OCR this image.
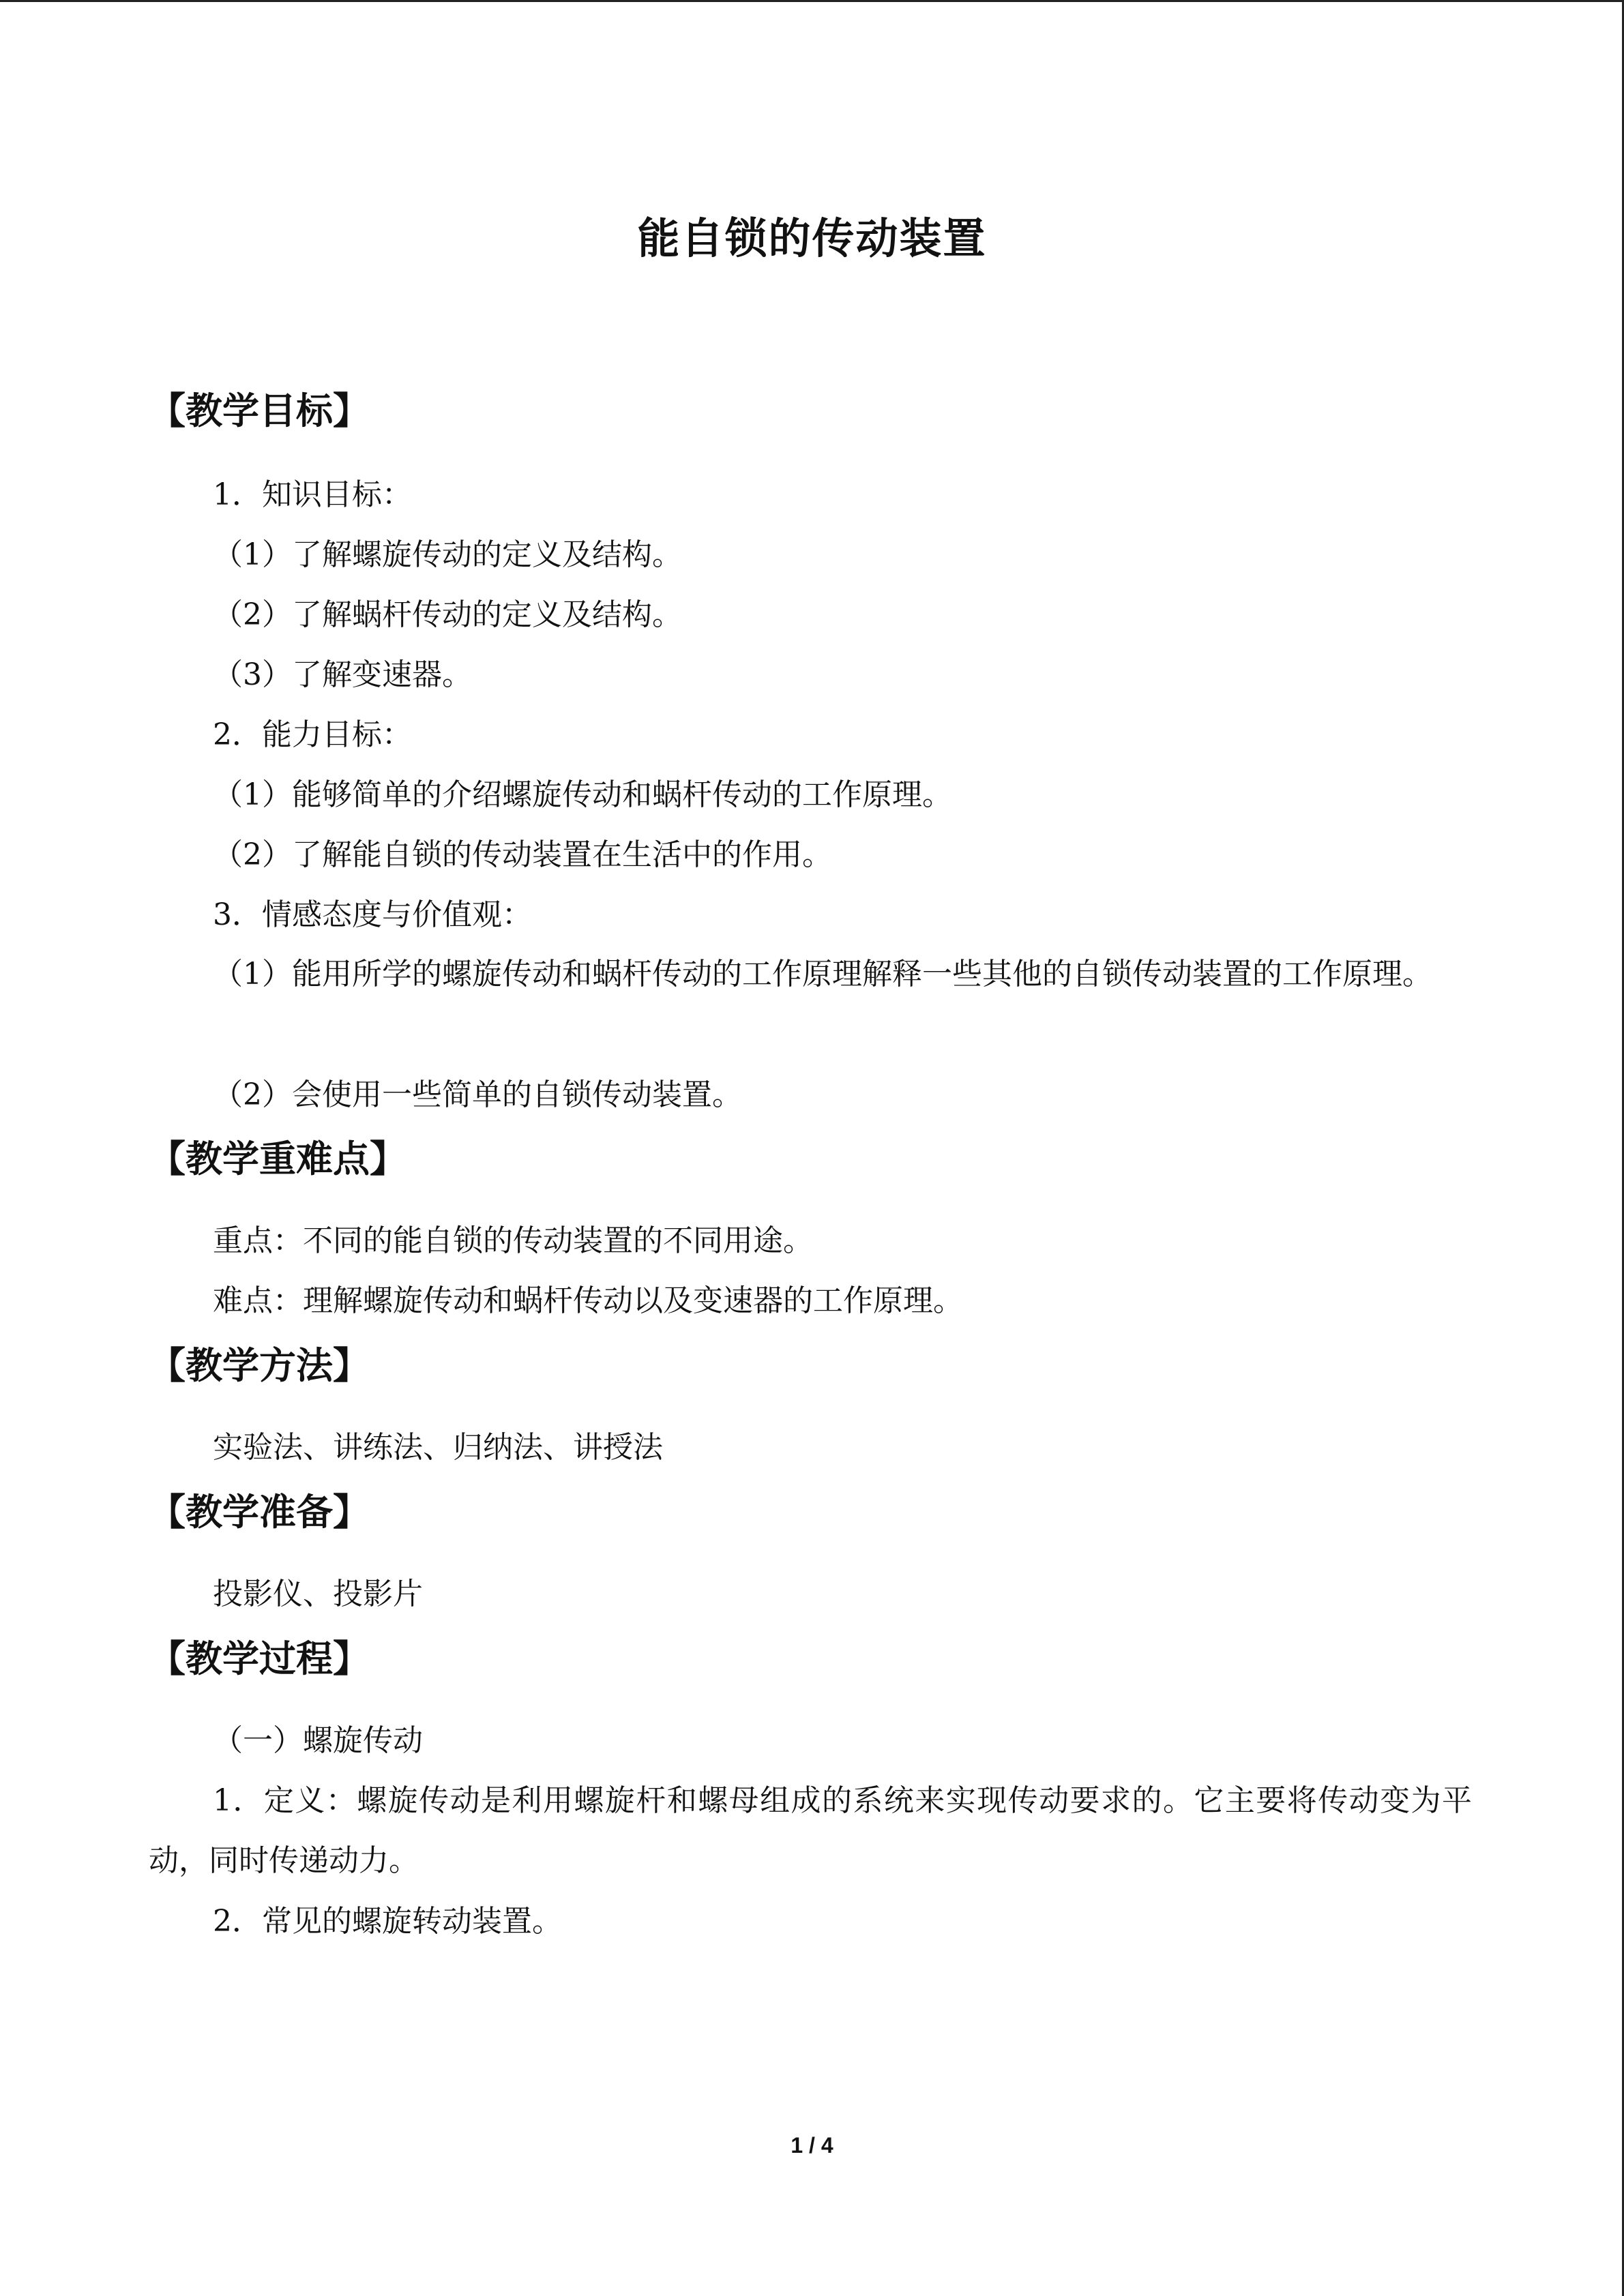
能自锁的传动装置
【教学目标】
1．知识目标：
（1）了解螺旋传动的定义及结构。
（2）了解蜗杆传动的定义及结构。
（3）了解变速器。
2．能力目标：
（1）能够简单的介绍螺旋传动和蜗杆传动的工作原理。
（2）了解能自锁的传动装置在生活中的作用。
3．情感态度与价值观：
（1）能用所学的螺旋传动和蜗杆传动的工作原理解释一些其他的自锁传动装置的工作原理。
（2）会使用一些简单的自锁传动装置。
【教学重难点】
重点：不同的能自锁的传动装置的不同用途。
难点：理解螺旋传动和蜗杆传动以及变速器的工作原理。
【教学方法】
实验法、讲练法、归纳法、讲授法
【教学准备】
投影仪、投影片
【教学过程】
（一）螺旋传动
1．定义：螺旋传动是利用螺旋杆和螺母组成的系统来实现传动要求的。它主要将传动变为平动，同时传递动力。
2．常见的螺旋转动装置。
1 / 4
